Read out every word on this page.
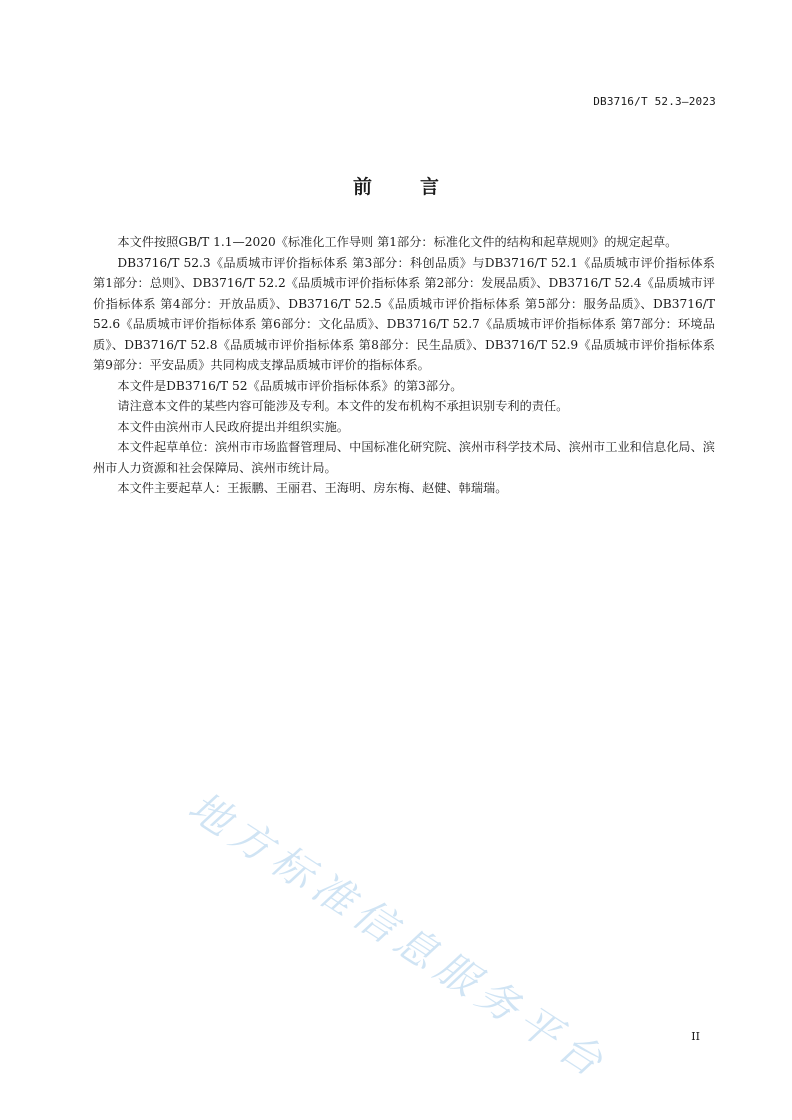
DB3716/T 52.3—2023
前	言

本文件按照GB/T 1.1—2020《标准化工作导则 第1部分：标准化文件的结构和起草规则》的规定起草。

DB3716/T 52.3《品质城市评价指标体系 第3部分：科创品质》与DB3716/T 52.1《品质城市评价指标体系 第1部分：总则》、DB3716/T 52.2《品质城市评价指标体系 第2部分：发展品质》、DB3716/T 52.4《品质城市评价指标体系 第4部分：开放品质》、DB3716/T 52.5《品质城市评价指标体系 第5部分：服务品质》、DB3716/T 52.6《品质城市评价指标体系 第6部分：文化品质》、DB3716/T 52.7《品质城市评价指标体系 第7部分：环境品质》、DB3716/T 52.8《品质城市评价指标体系 第8部分：民生品质》、DB3716/T 52.9《品质城市评价指标体系 第9部分：平安品质》共同构成支撑品质城市评价的指标体系。

本文件是DB3716/T 52《品质城市评价指标体系》的第3部分。

请注意本文件的某些内容可能涉及专利。本文件的发布机构不承担识别专利的责任。

本文件由滨州市人民政府提出并组织实施。

本文件起草单位：滨州市市场监督管理局、中国标准化研究院、滨州市科学技术局、滨州市工业和信息化局、滨州市人力资源和社会保障局、滨州市统计局。

本文件主要起草人：王振鹏、王丽君、王海明、房东梅、赵健、韩瑞瑞。

地方标准信息服务平台	II
